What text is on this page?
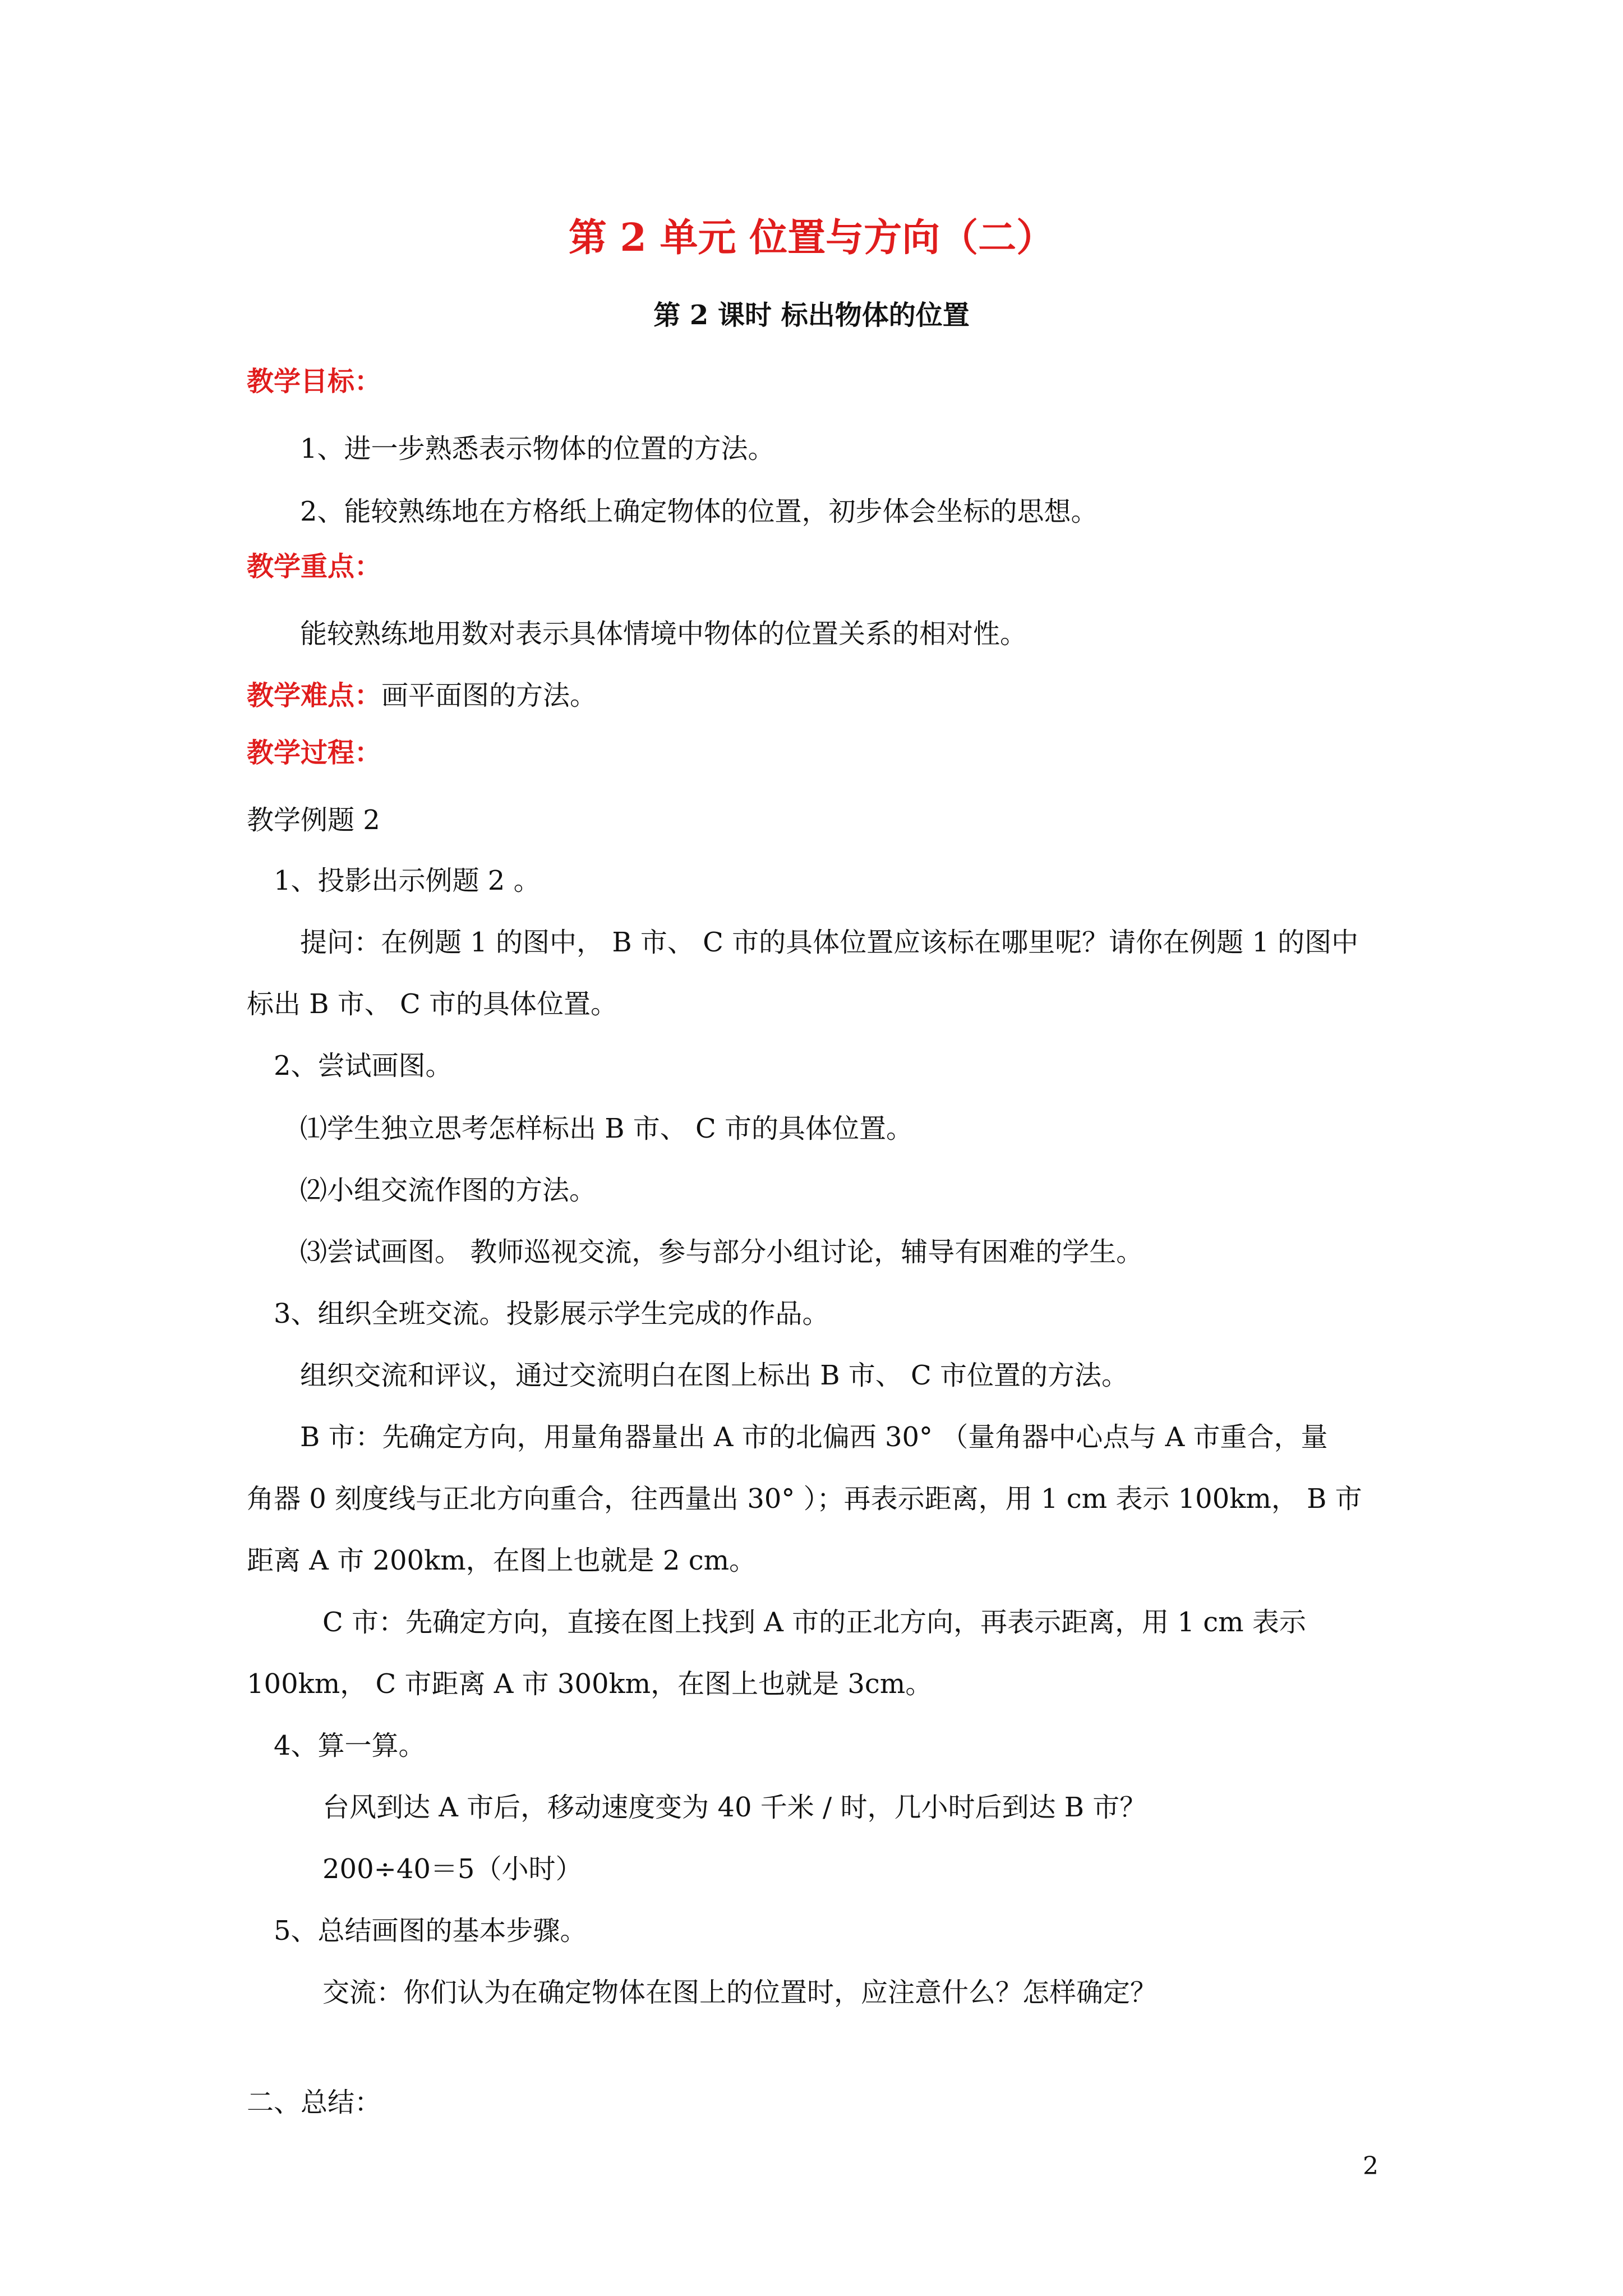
第 2 单元 位置与方向（二）
第 2 课时 标出物体的位置
教学目标：
1、进一步熟悉表示物体的位置的方法。
2、能较熟练地在方格纸上确定物体的位置，初步体会坐标的思想。
教学重点：
能较熟练地用数对表示具体情境中物体的位置关系的相对性。
教学难点：画平面图的方法。
教学过程：
教学例题 2
1、投影出示例题 2 。
提问：在例题 1 的图中， B 市、 C 市的具体位置应该标在哪里呢？请你在例题 1 的图中
标出 B 市、 C 市的具体位置。
2、尝试画图。
⑴学生独立思考怎样标出 B 市、 C 市的具体位置。
⑵小组交流作图的方法。
⑶尝试画图。 教师巡视交流，参与部分小组讨论，辅导有困难的学生。
3、组织全班交流。投影展示学生完成的作品。
组织交流和评议，通过交流明白在图上标出 B 市、 C 市位置的方法。
B 市：先确定方向，用量角器量出 A 市的北偏西 30° （量角器中心点与 A 市重合，量
角器 0 刻度线与正北方向重合，往西量出 30° ）；再表示距离，用 1 cm 表示 100km， B 市
距离 A 市 200km，在图上也就是 2 cm。
C 市：先确定方向，直接在图上找到 A 市的正北方向，再表示距离，用 1 cm 表示
100km， C 市距离 A 市 300km，在图上也就是 3cm。
4、算一算。
台风到达 A 市后，移动速度变为 40 千米 / 时，几小时后到达 B 市？
200÷40＝5（小时）
5、总结画图的基本步骤。
交流：你们认为在确定物体在图上的位置时，应注意什么？怎样确定？
二、总结：
2
